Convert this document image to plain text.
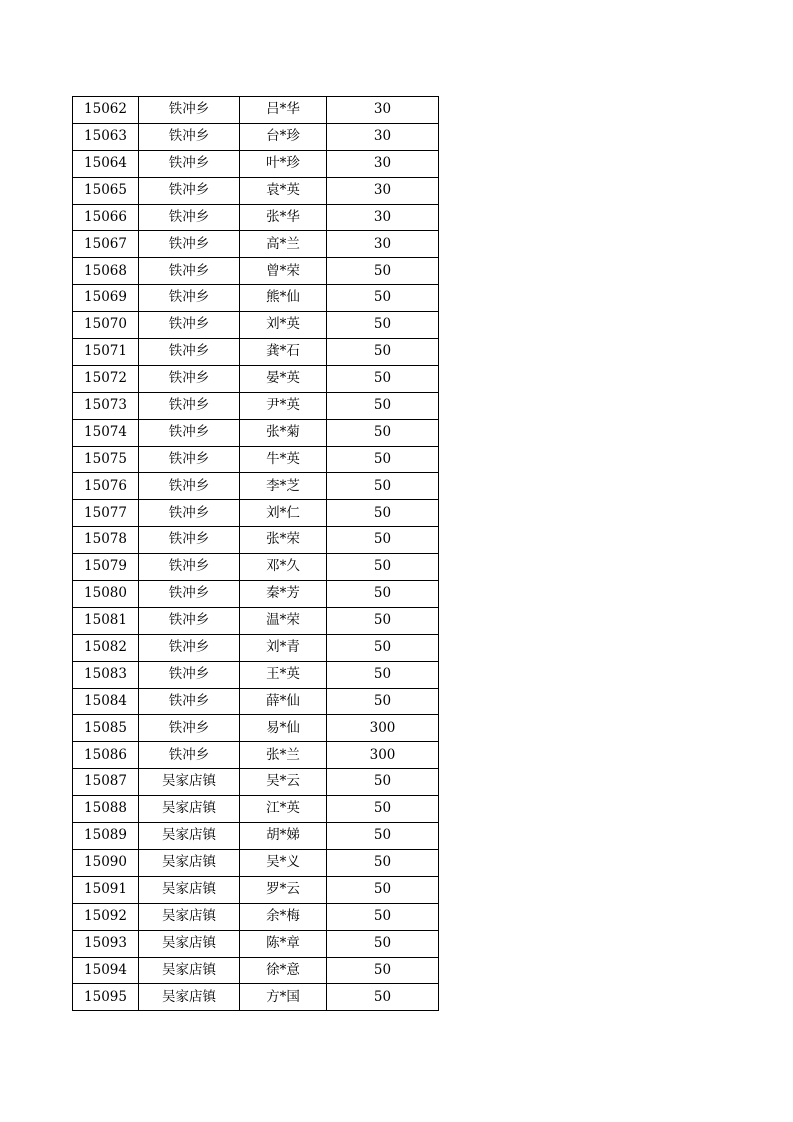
15062	铁冲乡	吕*华	30
15063	铁冲乡	台*珍	30
15064	铁冲乡	叶*珍	30
15065	铁冲乡	袁*英	30
15066	铁冲乡	张*华	30
15067	铁冲乡	高*兰	30
15068	铁冲乡	曾*荣	50
15069	铁冲乡	熊*仙	50
15070	铁冲乡	刘*英	50
15071	铁冲乡	龚*石	50
15072	铁冲乡	晏*英	50
15073	铁冲乡	尹*英	50
15074	铁冲乡	张*菊	50
15075	铁冲乡	牛*英	50
15076	铁冲乡	李*芝	50
15077	铁冲乡	刘*仁	50
15078	铁冲乡	张*荣	50
15079	铁冲乡	邓*久	50
15080	铁冲乡	秦*芳	50
15081	铁冲乡	温*荣	50
15082	铁冲乡	刘*青	50
15083	铁冲乡	王*英	50
15084	铁冲乡	薛*仙	50
15085	铁冲乡	易*仙	300
15086	铁冲乡	张*兰	300
15087	吴家店镇	吴*云	50
15088	吴家店镇	江*英	50
15089	吴家店镇	胡*娣	50
15090	吴家店镇	吴*义	50
15091	吴家店镇	罗*云	50
15092	吴家店镇	余*梅	50
15093	吴家店镇	陈*章	50
15094	吴家店镇	徐*意	50
15095	吴家店镇	方*国	50
